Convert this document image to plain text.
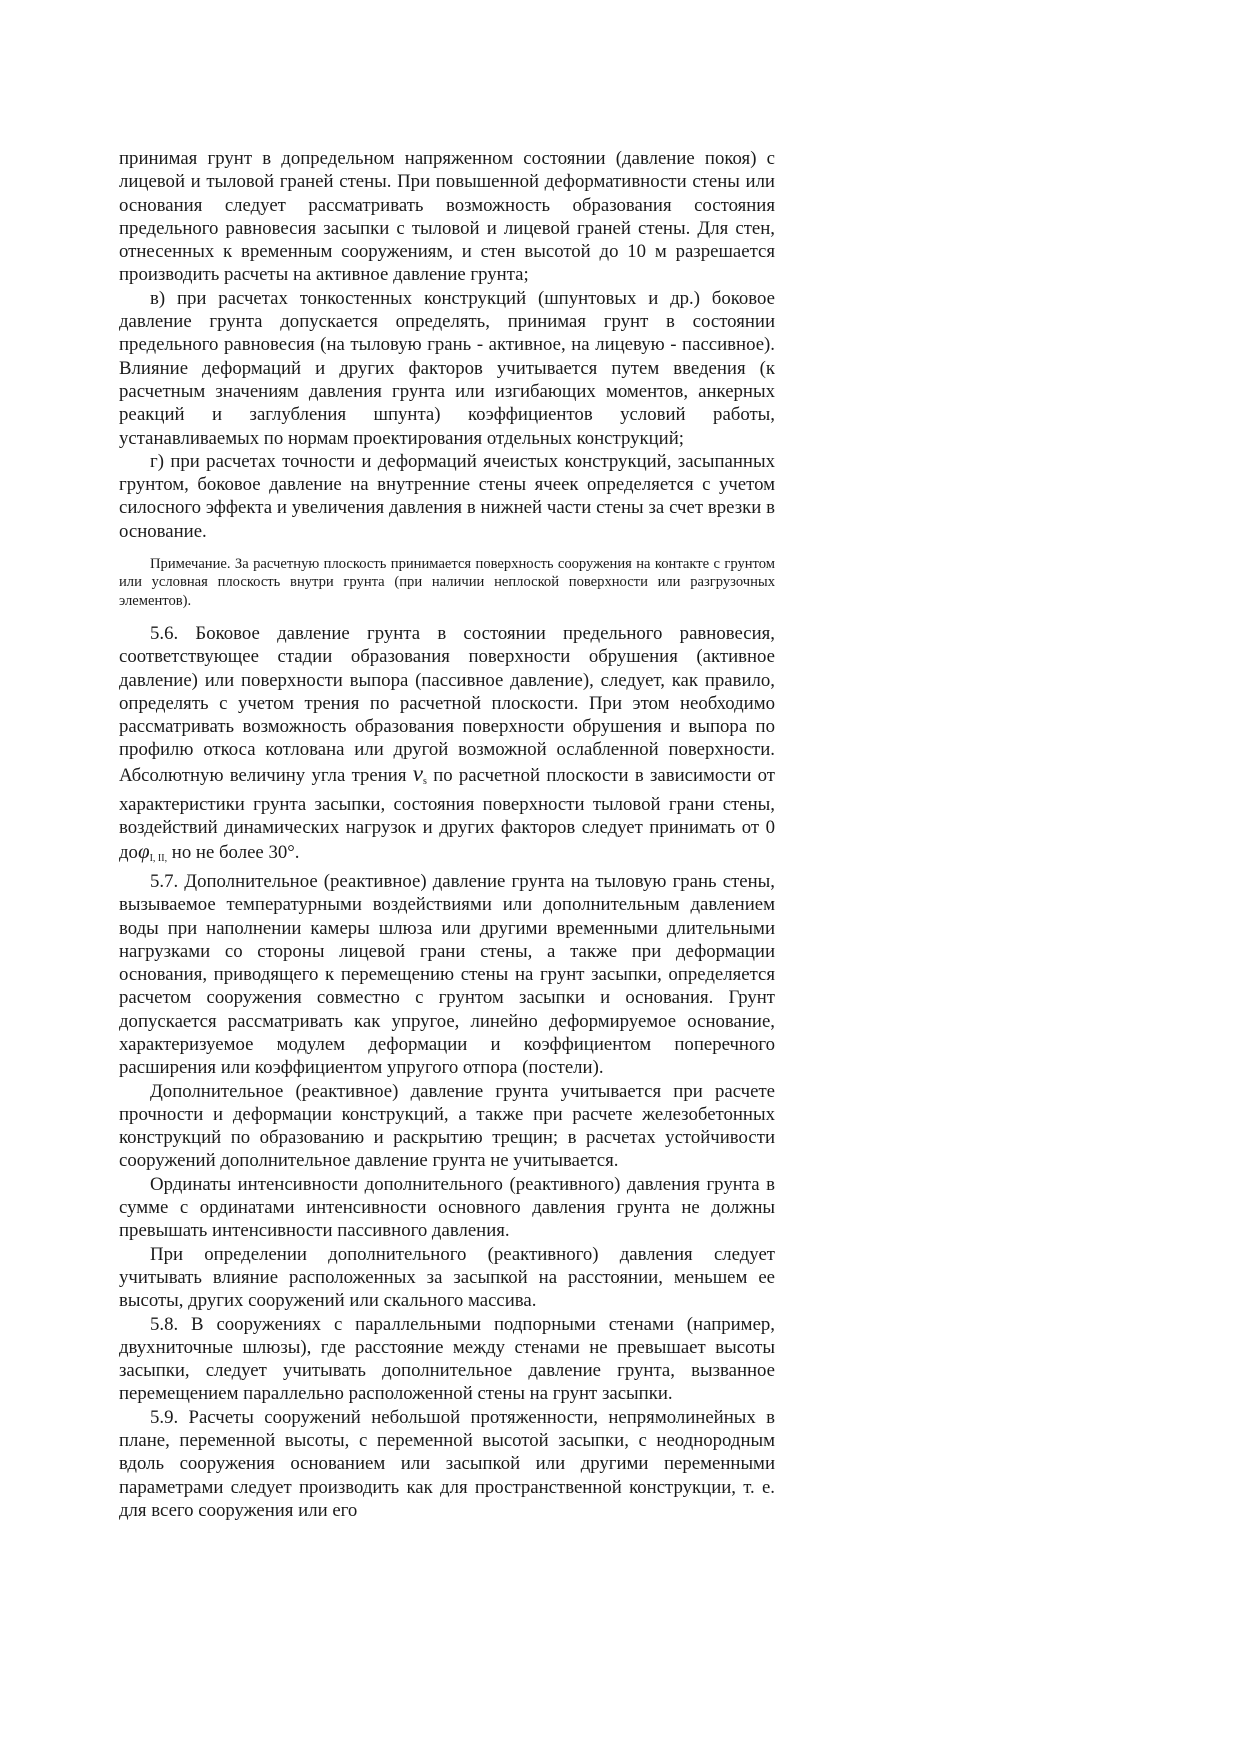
принимая грунт в допредельном напряженном состоянии (давление покоя) с лицевой и тыловой граней стены. При повышенной деформативности стены или основания следует рассматривать возможность образования состояния предельного равновесия засыпки с тыловой и лицевой граней стены. Для стен, отнесенных к временным сооружениям, и стен высотой до 10 м разрешается производить расчеты на активное давление грунта;

в) при расчетах тонкостенных конструкций (шпунтовых и др.) боковое давление грунта допускается определять, принимая грунт в состоянии предельного равновесия (на тыловую грань - активное, на лицевую - пассивное). Влияние деформаций и других факторов учитывается путем введения (к расчетным значениям давления грунта или изгибающих моментов, анкерных реакций и заглубления шпунта) коэффициентов условий работы, устанавливаемых по нормам проектирования отдельных конструкций;

г) при расчетах точности и деформаций ячеистых конструкций, засыпанных грунтом, боковое давление на внутренние стены ячеек определяется с учетом силосного эффекта и увеличения давления в нижней части стены за счет врезки в основание.

Примечание. За расчетную плоскость принимается поверхность сооружения на контакте с грунтом или условная плоскость внутри грунта (при наличии неплоской поверхности или разгрузочных элементов).

5.6. Боковое давление грунта в состоянии предельного равновесия, соответствующее стадии образования поверхности обрушения (активное давление) или поверхности выпора (пассивное давление), следует, как правило, определять с учетом трения по расчетной плоскости. При этом необходимо рассматривать возможность образования поверхности обрушения и выпора по профилю откоса котлована или другой возможной ослабленной поверхности. Абсолютную величину угла трения νs по расчетной плоскости в зависимости от характеристики грунта засыпки, состояния поверхности тыловой грани стены, воздействий динамических нагрузок и других факторов следует принимать от 0 доφI, II, но не более 30°.

5.7. Дополнительное (реактивное) давление грунта на тыловую грань стены, вызываемое температурными воздействиями или дополнительным давлением воды при наполнении камеры шлюза или другими временными длительными нагрузками со стороны лицевой грани стены, а также при деформации основания, приводящего к перемещению стены на грунт засыпки, определяется расчетом сооружения совместно с грунтом засыпки и основания. Грунт допускается рассматривать как упругое, линейно деформируемое основание, характеризуемое модулем деформации и коэффициентом поперечного расширения или коэффициентом упругого отпора (постели).

Дополнительное (реактивное) давление грунта учитывается при расчете прочности и деформации конструкций, а также при расчете железобетонных конструкций по образованию и раскрытию трещин; в расчетах устойчивости сооружений дополнительное давление грунта не учитывается.

Ординаты интенсивности дополнительного (реактивного) давления грунта в сумме с ординатами интенсивности основного давления грунта не должны превышать интенсивности пассивного давления.

При определении дополнительного (реактивного) давления следует учитывать влияние расположенных за засыпкой на расстоянии, меньшем ее высоты, других сооружений или скального массива.

5.8. В сооружениях с параллельными подпорными стенами (например, двухниточные шлюзы), где расстояние между стенами не превышает высоты засыпки, следует учитывать дополнительное давление грунта, вызванное перемещением параллельно расположенной стены на грунт засыпки.

5.9. Расчеты сооружений небольшой протяженности, непрямолинейных в плане, переменной высоты, с переменной высотой засыпки, с неоднородным вдоль сооружения основанием или засыпкой или другими переменными параметрами следует производить как для пространственной конструкции, т. е. для всего сооружения или его
